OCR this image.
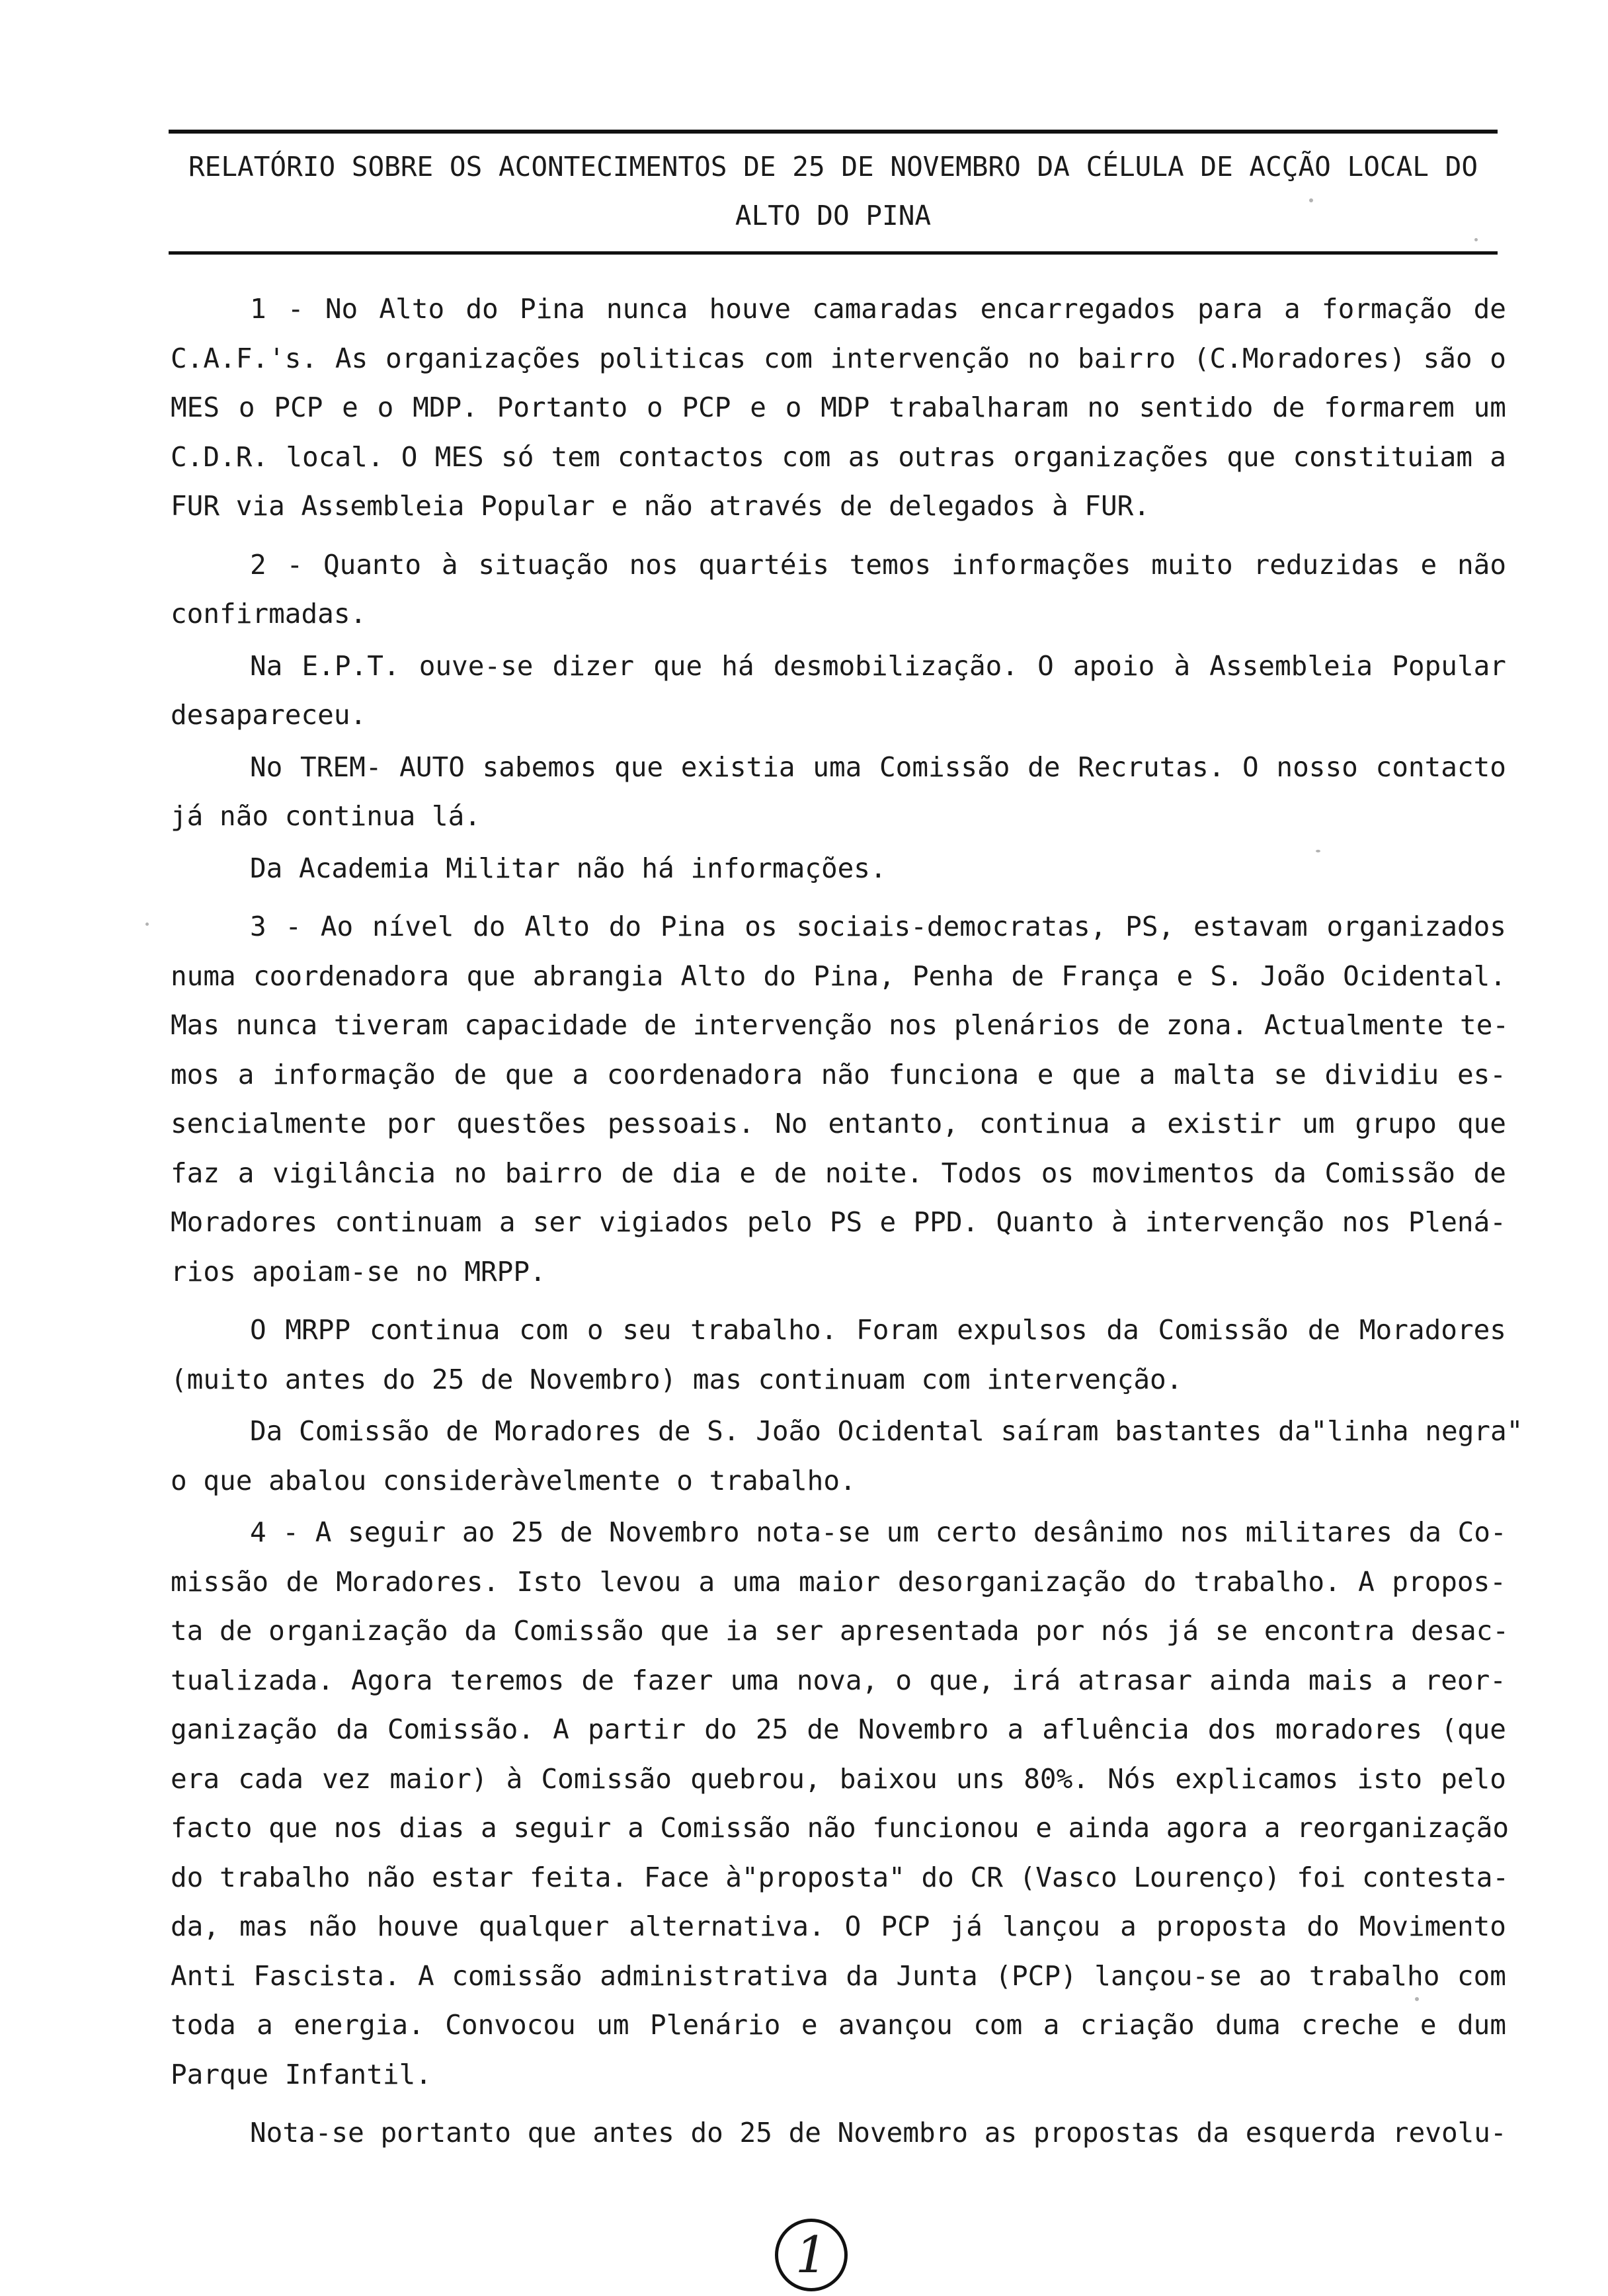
RELATÓRIO SOBRE OS ACONTECIMENTOS DE 25 DE NOVEMBRO DA CÉLULA DE ACÇÃO LOCAL DO
ALTO DO PINA
1 - No Alto do Pina nunca houve camaradas encarregados para a formação de
C.A.F.'s. As organizações politicas com intervenção no bairro (C.Moradores) são o
MES o PCP e o MDP. Portanto o PCP e o MDP trabalharam no sentido de formarem um
C.D.R. local. O MES só tem contactos com as outras organizações que constituiam a
FUR via Assembleia Popular e não através de delegados à FUR.
2 - Quanto à situação nos quartéis temos informações muito reduzidas e não
confirmadas.
Na E.P.T. ouve-se dizer que há desmobilização. O apoio à Assembleia Popular
desapareceu.
No TREM- AUTO sabemos que existia uma Comissão de Recrutas. O nosso contacto
já não continua lá.
Da Academia Militar não há informações.
3 - Ao nível do Alto do Pina os sociais-democratas, PS, estavam organizados
numa coordenadora que abrangia Alto do Pina, Penha de França e S. João Ocidental.
Mas nunca tiveram capacidade de intervenção nos plenários de zona. Actualmente te-
mos a informação de que a coordenadora não funciona e que a malta se dividiu es-
sencialmente por questões pessoais. No entanto, continua a existir um grupo que
faz a vigilância no bairro de dia e de noite. Todos os movimentos da Comissão de
Moradores continuam a ser vigiados pelo PS e PPD. Quanto à intervenção nos Plená-
rios apoiam-se no MRPP.
O MRPP continua com o seu trabalho. Foram expulsos da Comissão de Moradores
(muito antes do 25 de Novembro) mas continuam com intervenção.
Da Comissão de Moradores de S. João Ocidental saíram bastantes da"linha negra"
o que abalou consideràvelmente o trabalho.
4 - A seguir ao 25 de Novembro nota-se um certo desânimo nos militares da Co-
missão de Moradores. Isto levou a uma maior desorganização do trabalho. A propos-
ta de organização da Comissão que ia ser apresentada por nós já se encontra desac-
tualizada. Agora teremos de fazer uma nova, o que, irá atrasar ainda mais a reor-
ganização da Comissão. A partir do 25 de Novembro a afluência dos moradores (que
era cada vez maior) à Comissão quebrou, baixou uns 80%. Nós explicamos isto pelo
facto que nos dias a seguir a Comissão não funcionou e ainda agora a reorganização
do trabalho não estar feita. Face à"proposta" do CR (Vasco Lourenço) foi contesta-
da, mas não houve qualquer alternativa. O PCP já lançou a proposta do Movimento
Anti Fascista. A comissão administrativa da Junta (PCP) lançou-se ao trabalho com
toda a energia. Convocou um Plenário e avançou com a criação duma creche e dum
Parque Infantil.
Nota-se portanto que antes do 25 de Novembro as propostas da esquerda revolu-
1
